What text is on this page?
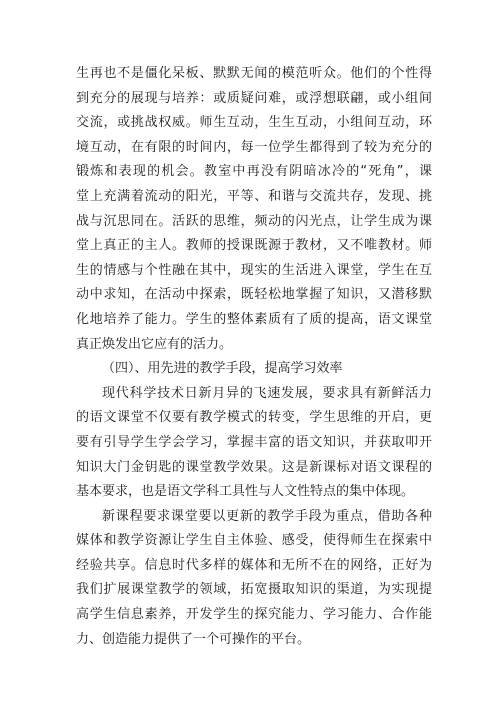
生再也不是僵化呆板、默默无闻的模范听众。他们的个性得
到充分的展现与培养：或质疑问难，或浮想联翩，或小组间
交流，或挑战权威。师生互动，生生互动，小组间互动，环
境互动，在有限的时间内，每一位学生都得到了较为充分的
锻炼和表现的机会。教室中再没有阴暗冰冷的“死角”，课
堂上充满着流动的阳光，平等、和谐与交流共存，发现、挑
战与沉思同在。活跃的思维，频动的闪光点，让学生成为课
堂上真正的主人。教师的授课既源于教材，又不唯教材。师
生的情感与个性融在其中，现实的生活进入课堂，学生在互
动中求知，在活动中探索，既轻松地掌握了知识，又潜移默
化地培养了能力。学生的整体素质有了质的提高，语文课堂
真正焕发出它应有的活力。
（四）、用先进的教学手段，提高学习效率
现代科学技术日新月异的飞速发展，要求具有新鲜活力
的语文课堂不仅要有教学模式的转变，学生思维的开启，更
要有引导学生学会学习，掌握丰富的语文知识，并获取叩开
知识大门金钥匙的课堂教学效果。这是新课标对语文课程的
基本要求，也是语文学科工具性与人文性特点的集中体现。
新课程要求课堂要以更新的教学手段为重点，借助各种
媒体和教学资源让学生自主体验、感受，使得师生在探索中
经验共享。信息时代多样的媒体和无所不在的网络，正好为
我们扩展课堂教学的领域，拓宽摄取知识的渠道，为实现提
高学生信息素养，开发学生的探究能力、学习能力、合作能
力、创造能力提供了一个可操作的平台。
